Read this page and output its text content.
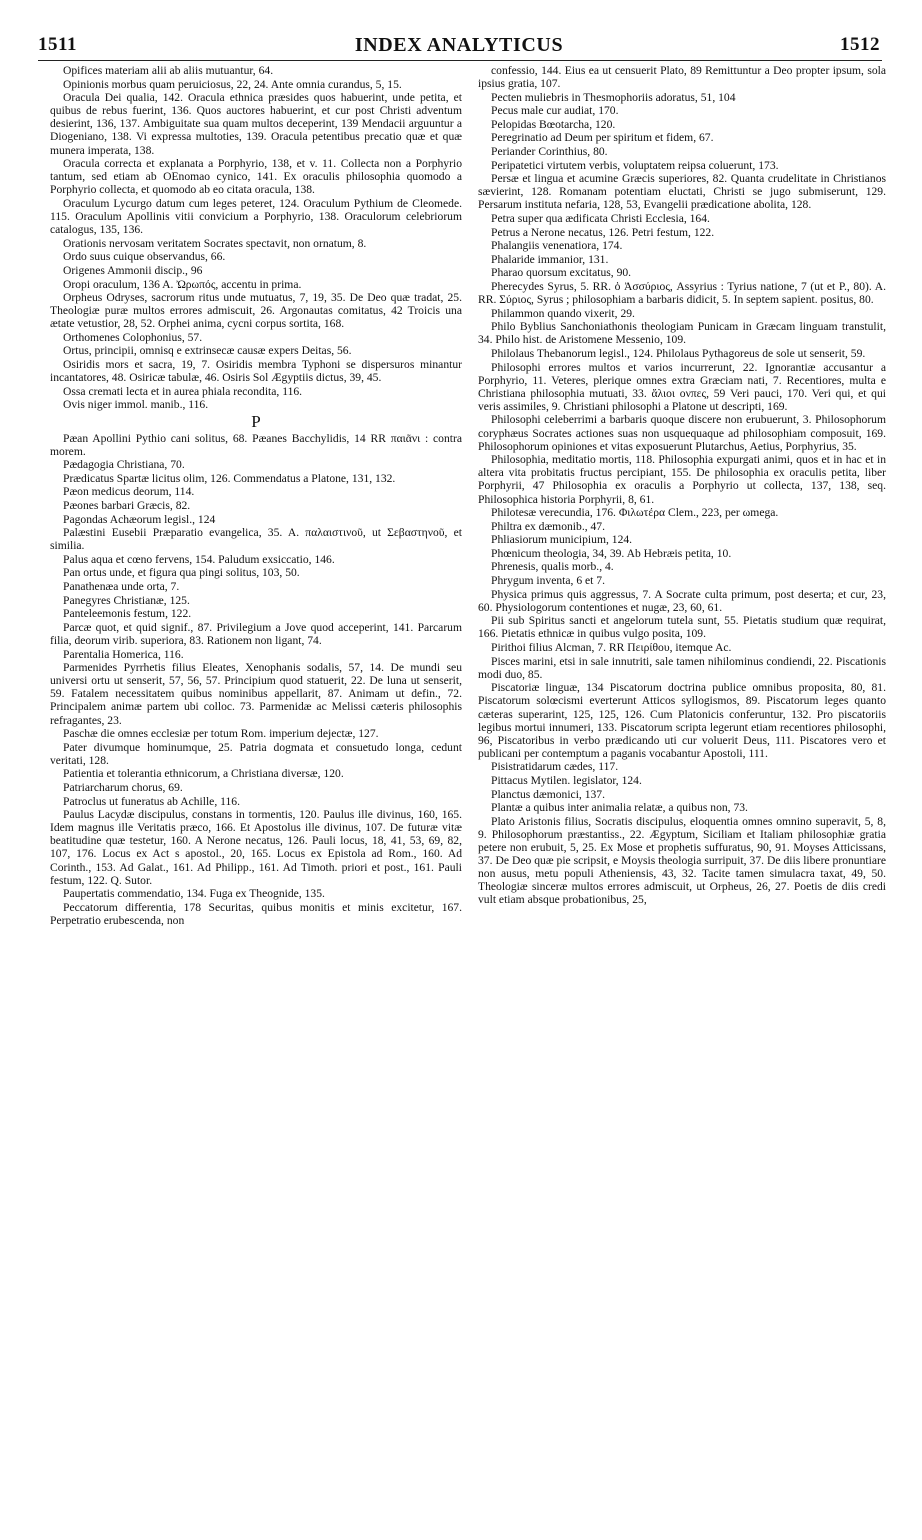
1511	INDEX ANALYTICUS	1512

Opifices materiam alii ab aliis mutuantur, 64.

Opinionis morbus quam peruiciosus, 22, 24. Ante omnia curandus, 5, 15.

Oracula Dei qualia, 142. Oracula ethnica præsides quos habuerint, unde petita, et quibus de rebus fuerint, 136. Quos auctores habuerint, et cur post Christi adventum desierint, 136, 137. Ambiguitate sua quam multos deceperint, 139 Mendacii arguuntur a Diogeniano, 138. Vi expressa multoties, 139. Oracula petentibus precatio quæ et quæ munera imperata, 138.

Oracula correcta et explanata a Porphyrio, 138, et v. 11. Collecta non a Porphyrio tantum, sed etiam ab OEnomao cynico, 141. Ex oraculis philosophia quomodo a Porphyrio collecta, et quomodo ab eo citata oracula, 138.

Oraculum Lycurgo datum cum leges peteret, 124. Oraculum Pythium de Cleomede. 115. Oraculum Apollinis vitii convicium a Porphyrio, 138. Oraculorum celebriorum catalogus, 135, 136.

Orationis nervosam veritatem Socrates spectavit, non ornatum, 8.

Ordo suus cuique observandus, 66.

Origenes Ammonii discip., 96

Oropi oraculum, 136 A. Ὠρωπός, accentu in prima.

Orpheus Odryses, sacrorum ritus unde mutuatus, 7, 19, 35. De Deo quæ tradat, 25. Theologiæ puræ multos errores admiscuit, 26. Argonautas comitatus, 42 Troicis una ætate vetustior, 28, 52. Orphei anima, cycni corpus sortita, 168.

Orthomenes Colophonius, 57.

Ortus, principii, omnisq e extrinsecæ causæ expers Deitas, 56.

Osiridis mors et sacra, 19, 7. Osiridis membra Typhoni se dispersuros minantur incantatores, 48. Osiricæ tabulæ, 46. Osiris Sol Ægyptiis dictus, 39, 45.

Ossa cremati lecta et in aurea phiala recondita, 116.

Ovis niger immol. manib., 116.

P

Pæan Apollini Pythio cani solitus, 68. Pæanes Bacchylidis, 14 RR παιᾶνι : contra morem.

Pædagogia Christiana, 70.

Prædicatus Spartæ licitus olim, 126. Commendatus a Platone, 131, 132.

Pæon medicus deorum, 114.

Pæones barbari Græcis, 82.

Pagondas Achæorum legisl., 124

Palæstini Eusebii Præparatio evangelica, 35. A. παλαιστινοῦ, ut Σεβαστηνοῦ, et similia.

Palus aqua et cœno fervens, 154. Paludum exsiccatio, 146.

Pan ortus unde, et figura qua pingi solitus, 103, 50.

Panathenæa unde orta, 7.

Panegyres Christianæ, 125.

Panteleemonis festum, 122.

Parcæ quot, et quid signif., 87. Privilegium a Jove quod acceperint, 141. Parcarum filia, deorum virib. superiora, 83. Rationem non ligant, 74.

Parentalia Homerica, 116.

Parmenides Pyrrhetis filius Eleates, Xenophanis sodalis, 57, 14. De mundi seu universi ortu ut senserit, 57, 56, 57. Principium quod statuerit, 22. De luna ut senserit, 59. Fatalem necessitatem quibus nominibus appellarit, 87. Animam ut defin., 72. Principalem animæ partem ubi colloc. 73. Parmenidæ ac Melissi cæteris philosophis refragantes, 23.

Paschæ die omnes ecclesiæ per totum Rom. imperium dejectæ, 127.

Pater divumque hominumque, 25. Patria dogmata et consuetudo longa, cedunt veritati, 128.

Patientia et tolerantia ethnicorum, a Christiana diversæ, 120.

Patriarcharum chorus, 69.

Patroclus ut funeratus ab Achille, 116.

Paulus Lacydæ discipulus, constans in tormentis, 120. Paulus ille divinus, 160, 165. Idem magnus ille Veritatis præco, 166. Et Apostolus ille divinus, 107. De futuræ vitæ beatitudine quæ testetur, 160. A Nerone necatus, 126. Pauli locus, 18, 41, 53, 69, 82, 107, 176. Locus ex Act s apostol., 20, 165. Locus ex Epistola ad Rom., 160. Ad Corinth., 153. Ad Galat., 161. Ad Philipp., 161. Ad Timoth. priori et post., 161. Pauli festum, 122. Q. Sutor.

Paupertatis commendatio, 134. Fuga ex Theognide, 135.

Peccatorum differentia, 178 Securitas, quibus monitis et minis excitetur, 167. Perpetratio erubescenda, non

confessio, 144. Eius ea ut censuerit Plato, 89 Remittuntur a Deo propter ipsum, sola ipsius gratia, 107.

Pecten muliebris in Thesmophoriis adoratus, 51, 104

Pecus male cur audiat, 170.

Pelopidas Bœotarcha, 120.

Peregrinatio ad Deum per spiritum et fidem, 67.

Periander Corinthius, 80.

Peripatetici virtutem verbis, voluptatem reipsa coluerunt, 173.

Persæ et lingua et acumine Græcis superiores, 82. Quanta crudelitate in Christianos sævierint, 128. Romanam potentiam eluctati, Christi se jugo submiserunt, 129. Persarum instituta nefaria, 128, 53, Evangelii prædicatione abolita, 128.

Petra super qua ædificata Christi Ecclesia, 164.

Petrus a Nerone necatus, 126. Petri festum, 122.

Phalangiis venenatiora, 174.

Phalaride immanior, 131.

Pharao quorsum excitatus, 90.

Pherecydes Syrus, 5. RR. ὁ Ἀσσύριος, Assyrius : Tyrius natione, 7 (ut et P., 80). A. RR. Σύριος, Syrus ; philosophiam a barbaris didicit, 5. In septem sapient. positus, 80.

Philammon quando vixerit, 29.

Philo Byblius Sanchoniathonis theologiam Punicam in Græcam linguam transtulit, 34. Philo hist. de Aristomene Messenio, 109.

Philolaus Thebanorum legisl., 124. Philolaus Pythagoreus de sole ut senserit, 59.

Philosophi errores multos et varios incurrerunt, 22. Ignorantiæ accusantur a Porphyrio, 11. Veteres, plerique omnes extra Græciam nati, 7. Recentiores, multa e Christiana philosophia mutuati, 33. ἅλιοι ονπες, 59 Veri pauci, 170. Veri qui, et qui veris assimiles, 9. Christiani philosophi a Platone ut descripti, 169.

Philosophi celeberrimi a barbaris quoque discere non erubuerunt, 3. Philosophorum coryphæus Socrates actiones suas non usquequaque ad philosophiam composuit, 169. Philosophorum opiniones et vitas exposuerunt Plutarchus, Aetius, Porphyrius, 35.

Philosophia, meditatio mortis, 118. Philosophia expurgati animi, quos et in hac et in altera vita probitatis fructus percipiant, 155. De philosophia ex oraculis petita, liber Porphyrii, 47 Philosophia ex oraculis a Porphyrio ut collecta, 137, 138, seq. Philosophica historia Porphyrii, 8, 61.

Philotesæ verecundia, 176. Φιλωτέρα Clem., 223, per ωmega.

Philtra ex dæmonib., 47.

Phliasiorum municipium, 124.

Phœnicum theologia, 34, 39. Ab Hebræis petita, 10.

Phrenesis, qualis morb., 4.

Phrygum inventa, 6 et 7.

Physica primus quis aggressus, 7. A Socrate culta primum, post deserta; et cur, 23, 60. Physiologorum contentiones et nugæ, 23, 60, 61.

Pii sub Spiritus sancti et angelorum tutela sunt, 55. Pietatis studium quæ requirat, 166. Pietatis ethnicæ in quibus vulgo posita, 109.

Pirithoi filius Alcman, 7. RR Πειρίθου, itemque Ac.

Pisces marini, etsi in sale innutriti, sale tamen nihilominus condiendi, 22. Piscationis modi duo, 85.

Piscatoriæ linguæ, 134 Piscatorum doctrina publice omnibus proposita, 80, 81. Piscatorum solœcismi everterunt Atticos syllogismos, 89. Piscatorum leges quanto cæteras superarint, 125, 125, 126. Cum Platonicis conferuntur, 132. Pro piscatoriis legibus mortui innumeri, 133. Piscatorum scripta legerunt etiam recentiores philosophi, 96, Piscatoribus in verbo prædicando uti cur voluerit Deus, 111. Piscatores vero et publicani per contemptum a paganis vocabantur Apostoli, 111.

Pisistratidarum cædes, 117.

Pittacus Mytilen. legislator, 124.

Planctus dæmonici, 137.

Plantæ a quibus inter animalia relatæ, a quibus non, 73.

Plato Aristonis filius, Socratis discipulus, eloquentia omnes omnino superavit, 5, 8, 9. Philosophorum præstantiss., 22. Ægyptum, Siciliam et Italiam philosophiæ gratia petere non erubuit, 5, 25. Ex Mose et prophetis suffuratus, 90, 91. Moyses Atticissans, 37. De Deo quæ pie scripsit, e Moysis theologia surripuit, 37. De diis libere pronuntiare non ausus, metu populi Atheniensis, 43, 32. Tacite tamen simulacra taxat, 49, 50. Theologiæ sinceræ multos errores admiscuit, ut Orpheus, 26, 27. Poetis de diis credi vult etiam absque probationibus, 25,
